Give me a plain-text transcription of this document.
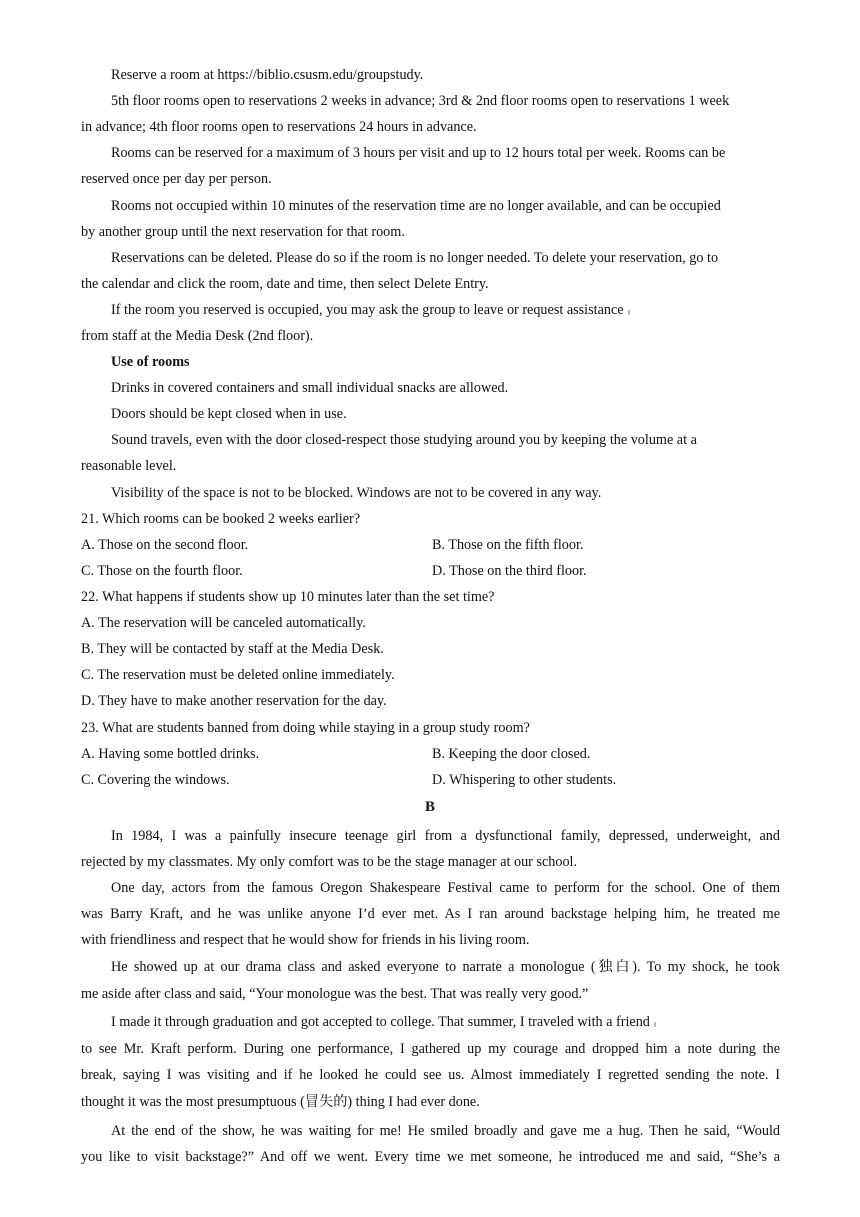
Reserve a room at https://biblio.csusm.edu/groupstudy.
5th floor rooms open to reservations 2 weeks in advance; 3rd & 2nd floor rooms open to reservations 1 week
in advance; 4th floor rooms open to reservations 24 hours in advance.
Rooms can be reserved for a maximum of 3 hours per visit and up to 12 hours total per week. Rooms can be
reserved once per day per person.
Rooms not occupied within 10 minutes of the reservation time are no longer available, and can be occupied
by another group until the next reservation for that room.
Reservations can be deleted. Please do so if the room is no longer needed. To delete your reservation, go to
the calendar and click the room, date and time, then select Delete Entry.
If the room you reserved is occupied, you may ask the group to leave or request assistance
from staff at the Media Desk (2nd floor).
Use of rooms
Drinks in covered containers and small individual snacks are allowed.
Doors should be kept closed when in use.
Sound travels, even with the door closed-respect those studying around you by keeping the volume at a
reasonable level.
Visibility of the space is not to be blocked. Windows are not to be covered in any way.
21. Which rooms can be booked 2 weeks earlier?
A. Those on the second floor.	B. Those on the fifth floor.
C. Those on the fourth floor.	D. Those on the third floor.
22. What happens if students show up 10 minutes later than the set time?
A. The reservation will be canceled automatically.
B. They will be contacted by staff at the Media Desk.
C. The reservation must be deleted online immediately.
D. They have to make another reservation for the day.
23. What are students banned from doing while staying in a group study room?
A. Having some bottled drinks.	B. Keeping the door closed.
C. Covering the windows.	D. Whispering to other students.
B
In 1984, I was a painfully insecure teenage girl from a dysfunctional family, depressed, underweight, and
rejected by my classmates. My only comfort was to be the stage manager at our school.
One day, actors from the famous Oregon Shakespeare Festival came to perform for the school. One of them
was Barry Kraft, and he was unlike anyone I’d ever met. As I ran around backstage helping him, he treated me
with friendliness and respect that he would show for friends in his living room.
He showed up at our drama class and asked everyone to narrate a monologue (独白). To my shock, he took
me aside after class and said, “Your monologue was the best. That was really very good.”
I made it through graduation and got accepted to college. That summer, I traveled with a friend
to see Mr. Kraft perform. During one performance, I gathered up my courage and dropped him a note during the
break, saying I was visiting and if he looked he could see us. Almost immediately I regretted sending the note. I
thought it was the most presumptuous (冒失的) thing I had ever done.
At the end of the show, he was waiting for me! He smiled broadly and gave me a hug. Then he said, “Would
you like to visit backstage?” And off we went. Every time we met someone, he introduced me and said, “She’s a
